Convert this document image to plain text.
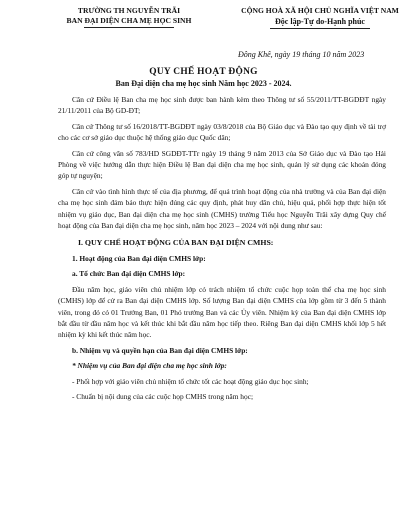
TRƯỜNG TH NGUYỄN TRÃI
BAN ĐẠI DIỆN CHA MẸ HỌC SINH
CỘNG HOÀ XÃ HỘI CHỦ NGHĨA VIỆT NAM
Độc lập-Tự do-Hạnh phúc
Đông Khê, ngày 19 tháng 10 năm 2023
QUY CHẾ HOẠT ĐỘNG
Ban Đại diện cha mẹ học sinh Năm học 2023 - 2024.

Căn cứ Điều lệ Ban cha mẹ học sinh được ban hành kèm theo Thông tư số 55/2011/TT-BGDĐT ngày 21/11/2011 của Bộ GD-ĐT;

Căn cứ Thông tư số 16/2018/TT-BGDĐT ngày 03/8/2018 của Bộ Giáo dục và Đào tạo quy định về tài trợ cho các cơ sở giáo dục thuộc hệ thống giáo dục Quốc dân;

Căn cứ công văn số 783/HD SGDĐT-TTr ngày 19 tháng 9 năm 2013 của Sở Giáo dục và Đào tạo Hải Phòng về việc hướng dẫn thực hiện Điều lệ Ban đại diện cha mẹ học sinh, quản lý sử dụng các khoản đóng góp tự nguyện;

Căn cứ vào tình hình thực tế của địa phương, để quá trình hoạt động của nhà trường và của Ban đại diện cha mẹ học sinh đảm bảo thực hiện đúng các quy định, phát huy dân chủ, hiệu quả, phối hợp thực hiện tốt nhiệm vụ giáo dục, Ban đại diện cha mẹ học sinh (CMHS) trường Tiểu học Nguyễn Trãi xây dựng Quy chế hoạt động của Ban đại diện cha mẹ học sinh, năm học 2023 – 2024 với nội dung như sau:

I. QUY CHẾ HOẠT ĐỘNG CỦA BAN ĐẠI DIỆN CMHS:

1. Hoạt động của Ban đại diện CMHS lớp:

a. Tổ chức Ban đại diện CMHS lớp:

Đầu năm học, giáo viên chủ nhiệm lớp có trách nhiệm tổ chức cuộc họp toàn thể cha mẹ học sinh (CMHS) lớp để cử ra Ban đại diện CMHS lớp. Số lượng Ban đại diện CMHS của lớp gồm từ 3 đến 5 thành viên, trong đó có 01 Trưởng Ban, 01 Phó trưởng Ban và các Ủy viên. Nhiệm kỳ của Ban đại diện CMHS lớp bắt đầu từ đầu năm học và kết thúc khi bắt đầu năm học tiếp theo. Riêng Ban đại diện CMHS khối lớp 5 hết nhiệm kỳ khi kết thúc năm học.

b. Nhiệm vụ và quyền hạn của Ban đại diện CMHS lớp:

* Nhiệm vụ của Ban đại diện cha mẹ học sinh lớp:

- Phối hợp với giáo viên chủ nhiệm tổ chức tốt các hoạt động giáo dục học sinh;

- Chuẩn bị nội dung của các cuộc họp CMHS trong năm học;
